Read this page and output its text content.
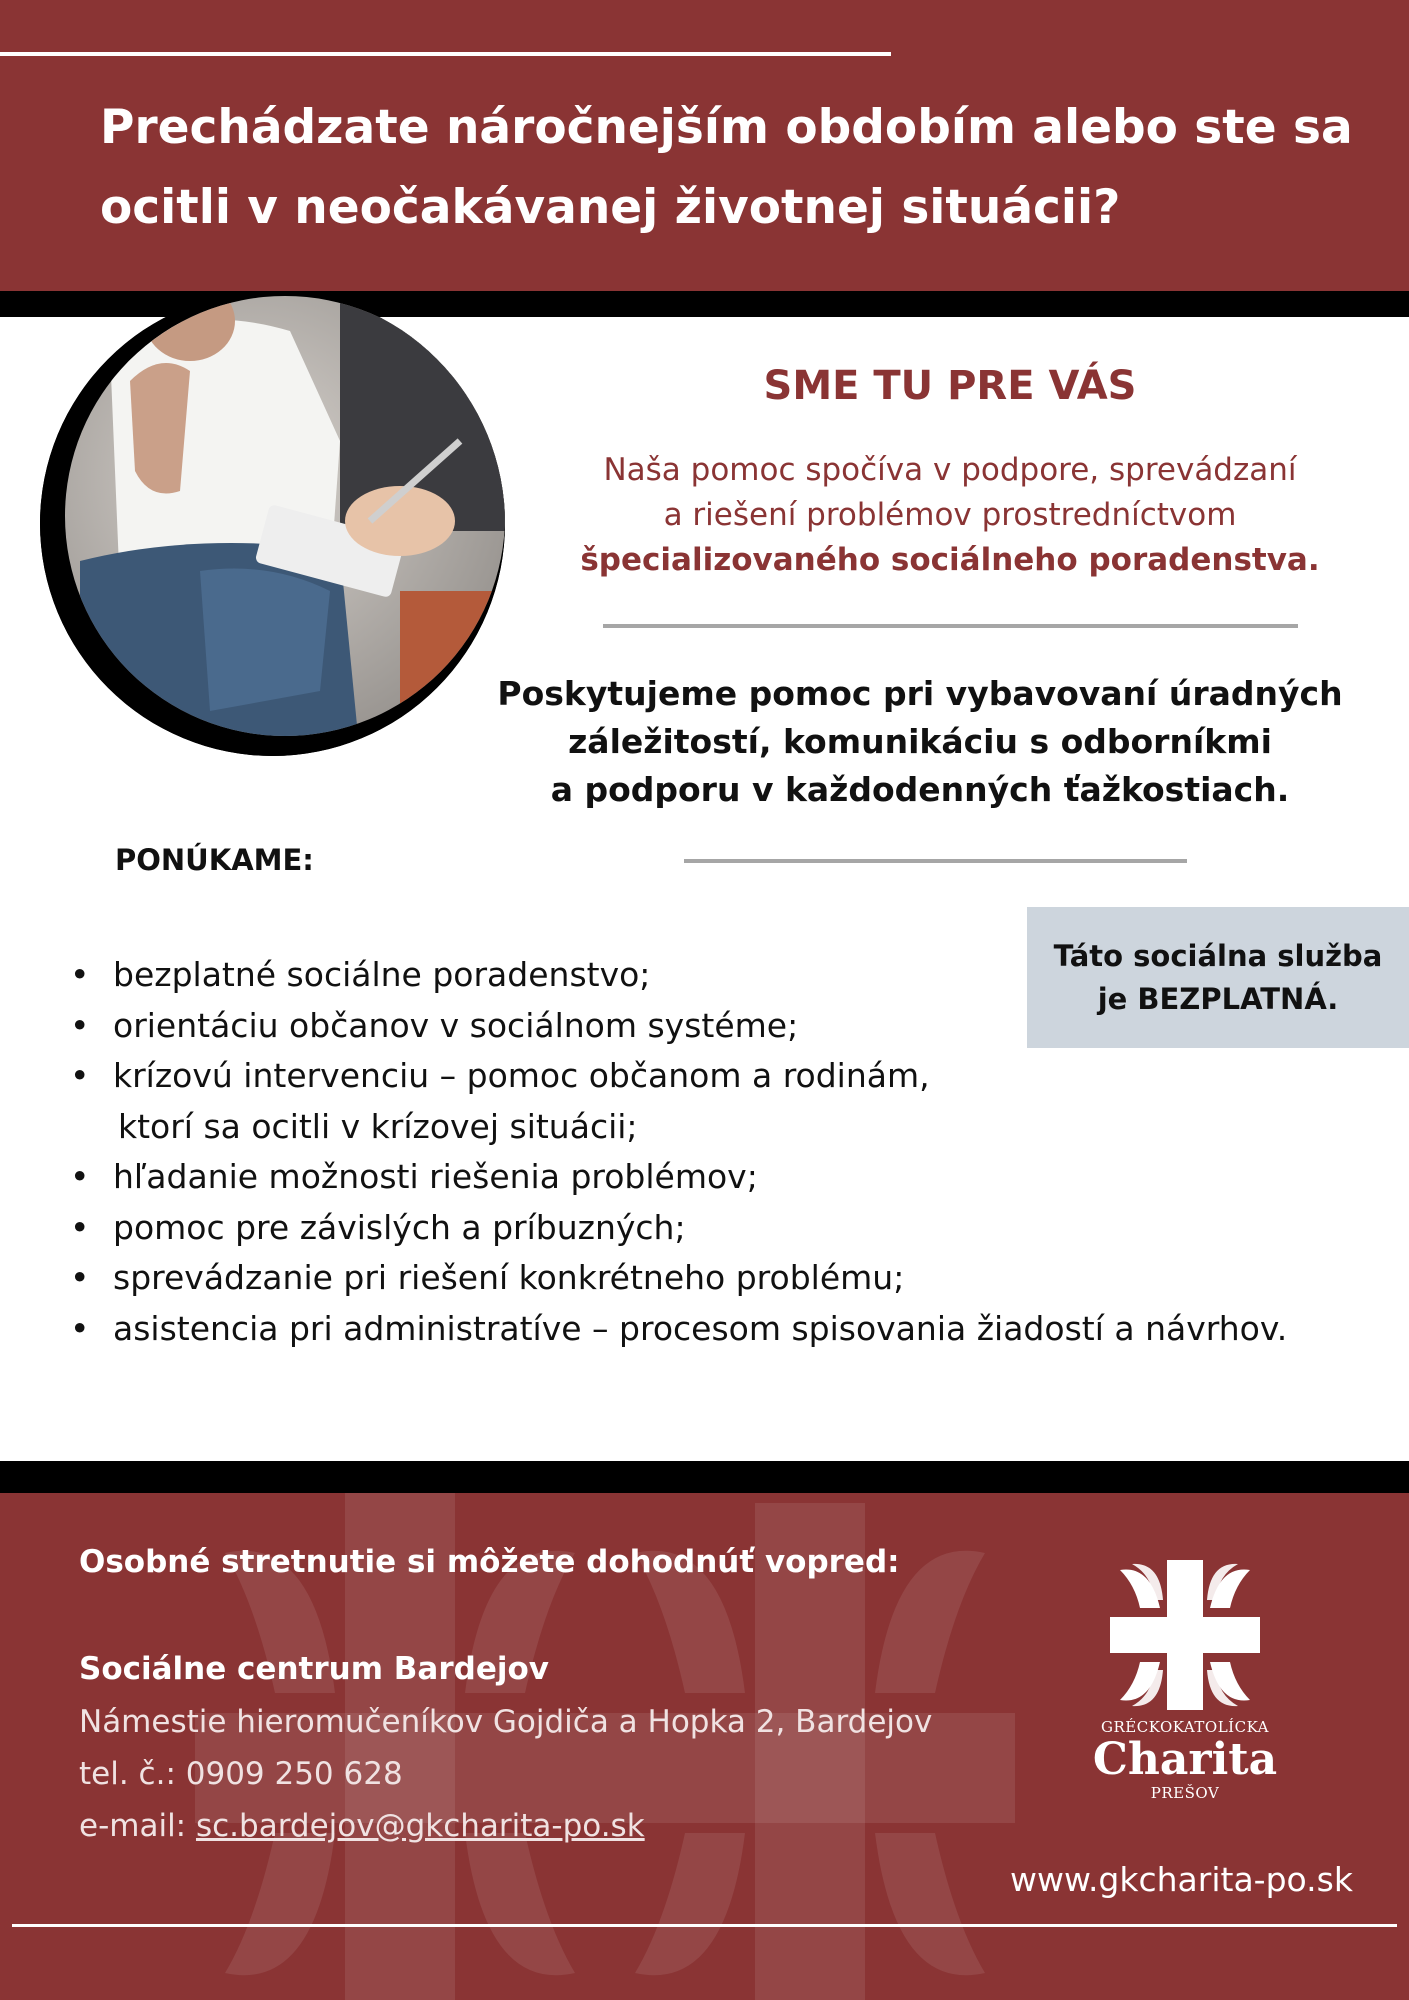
Prechádzate náročnejším obdobím alebo ste sa ocitli v neočakávanej životnej situácii?
SME TU PRE VÁS
Naša pomoc spočíva v podpore, sprevádzaní
a riešení problémov prostredníctvom
špecializovaného sociálneho poradenstva.
Poskytujeme pomoc pri vybavovaní úradných
záležitostí, komunikáciu s odborníkmi
a podporu v každodenných ťažkostiach.
PONÚKAME:
Táto sociálna služba
je BEZPLATNÁ.
• bezplatné sociálne poradenstvo;
• orientáciu občanov v sociálnom systéme;
• krízovú intervenciu – pomoc občanom a rodinám,
ktorí sa ocitli v krízovej situácii;
• hľadanie možnosti riešenia problémov;
• pomoc pre závislých a príbuzných;
• sprevádzanie pri riešení konkrétneho problému;
• asistencia pri administratíve – procesom spisovania žiadostí a návrhov.
Osobné stretnutie si môžete dohodnúť vopred:
Sociálne centrum Bardejov
Námestie hieromučeníkov Gojdiča a Hopka 2, Bardejov
tel. č.: 0909 250 628
e-mail: sc.bardejov@gkcharita-po.sk
GRÉCKOKATOLÍCKA
Charita
PREŠOV
www.gkcharita-po.sk
